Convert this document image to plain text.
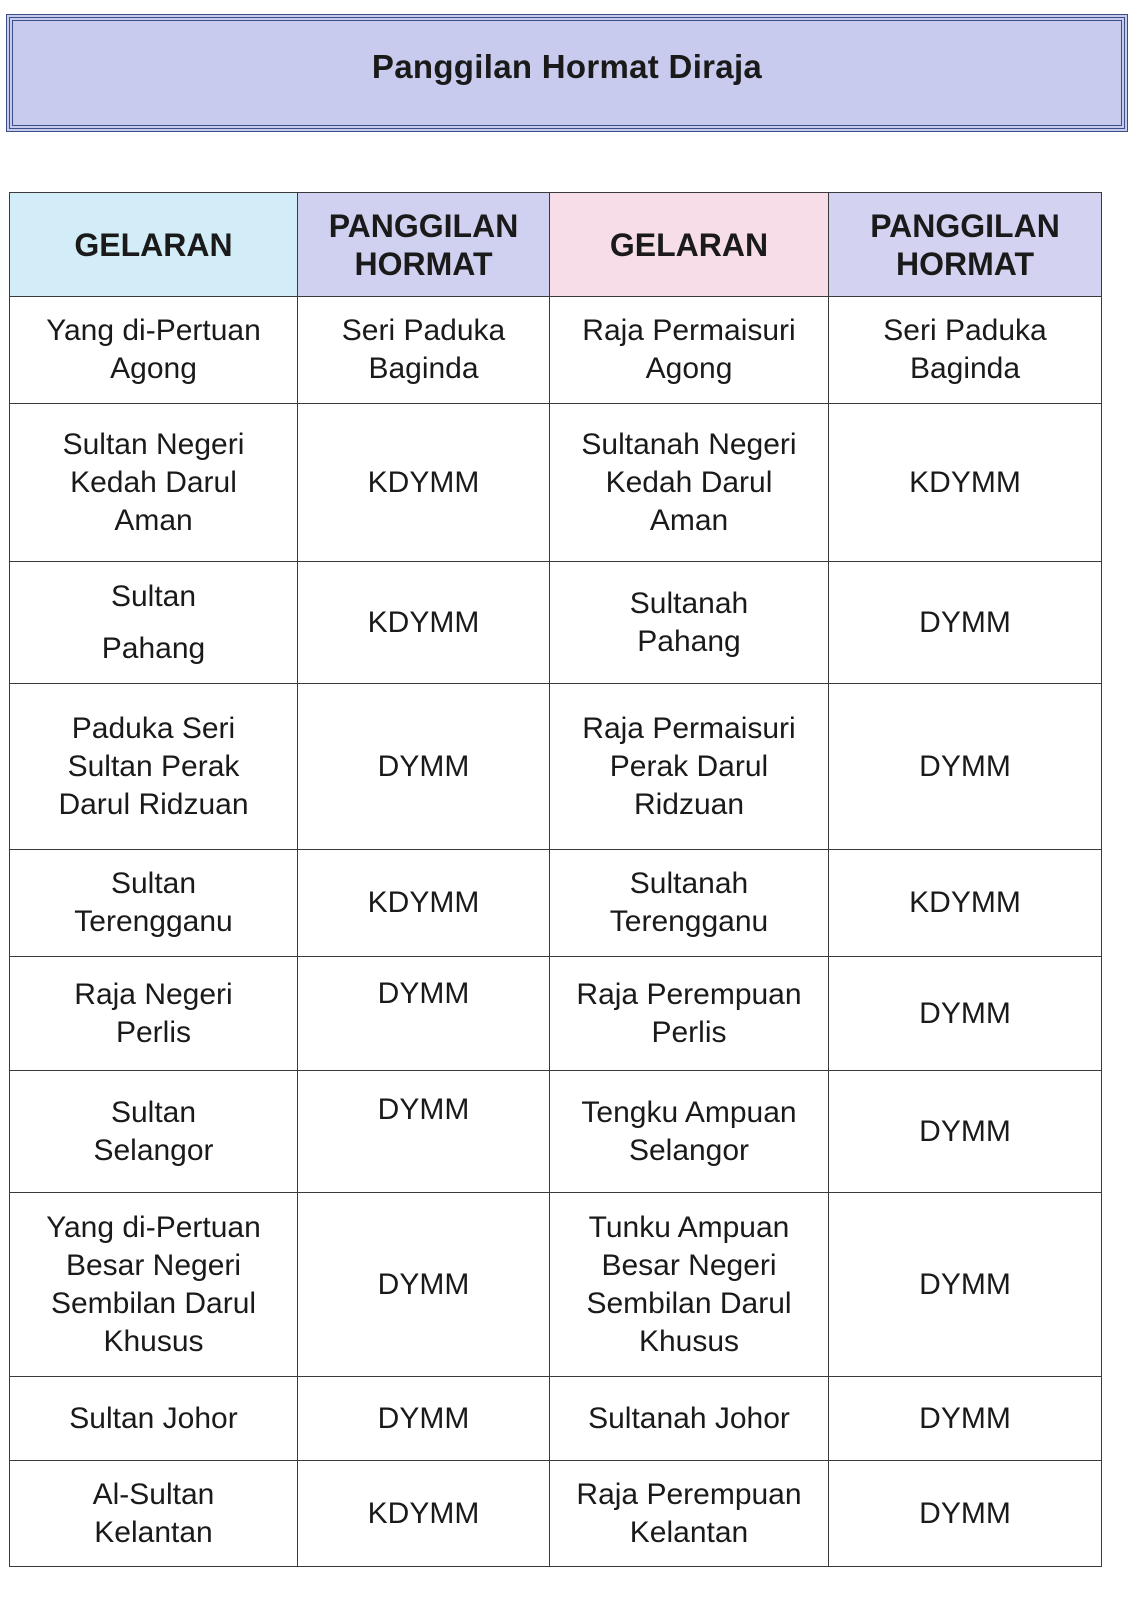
Panggilan Hormat Diraja
GELARAN	PANGGILAN HORMAT	GELARAN	PANGGILAN HORMAT

Yang di-Pertuan Agong	Seri Paduka Baginda	Raja Permaisuri Agong	Seri Paduka Baginda

Sultan Negeri Kedah Darul Aman	KDYMM	Sultanah Negeri Kedah Darul Aman	KDYMM

Sultan Pahang	KDYMM	Sultanah Pahang	DYMM

Paduka Seri Sultan Perak Darul Ridzuan	DYMM	Raja Permaisuri Perak Darul Ridzuan	DYMM

Sultan Terengganu	KDYMM	Sultanah Terengganu	KDYMM

Raja Negeri Perlis	DYMM	Raja Perempuan Perlis	DYMM

Sultan Selangor	DYMM	Tengku Ampuan Selangor	DYMM

Yang di-Pertuan Besar Negeri Sembilan Darul Khusus	DYMM	Tunku Ampuan Besar Negeri Sembilan Darul Khusus	DYMM

Sultan Johor	DYMM	Sultanah Johor	DYMM

Al-Sultan Kelantan	KDYMM	Raja Perempuan Kelantan	DYMM
